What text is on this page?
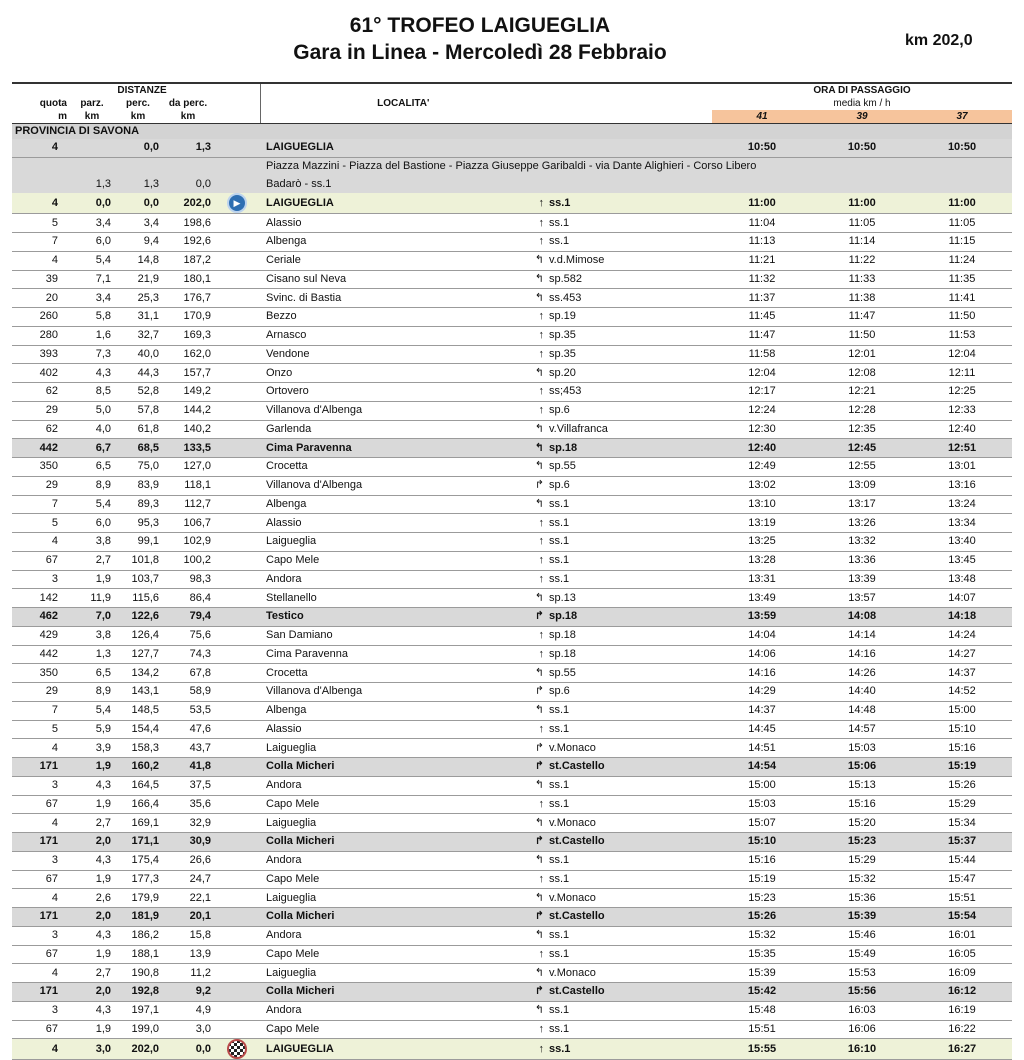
61° TROFEO LAIGUEGLIA
Gara in Linea - Mercoledì 28 Febbraio
km 202,0
	DISTANZE							ORA DI PASSAGGIO		
quota	parz.	perc.	da perc.		LOCALITA'			media km / h		
m	km	km	km					41	39	37
PROVINCIA DI SAVONA										
4		0,0	1,3		LAIGUEGLIA			10:50	10:50	10:50
					Piazza Mazzini - Piazza del Bastione - Piazza Giuseppe Garibaldi - via Dante Alighieri - Corso Libero					
	1,3	1,3	0,0		Badarò - ss.1					
4	0,0	0,0	202,0	▶	LAIGUEGLIA	↑	ss.1	11:00	11:00	11:00
5	3,4	3,4	198,6		Alassio	↑	ss.1	11:04	11:05	11:05
7	6,0	9,4	192,6		Albenga	↑	ss.1	11:13	11:14	11:15
4	5,4	14,8	187,2		Ceriale	↰	v.d.Mimose	11:21	11:22	11:24
39	7,1	21,9	180,1		Cisano sul Neva	↰	sp.582	11:32	11:33	11:35
20	3,4	25,3	176,7		Svinc. di Bastia	↰	ss.453	11:37	11:38	11:41
260	5,8	31,1	170,9		Bezzo	↑	sp.19	11:45	11:47	11:50
280	1,6	32,7	169,3		Arnasco	↑	sp.35	11:47	11:50	11:53
393	7,3	40,0	162,0		Vendone	↑	sp.35	11:58	12:01	12:04
402	4,3	44,3	157,7		Onzo	↰	sp.20	12:04	12:08	12:11
62	8,5	52,8	149,2		Ortovero	↑	ss;453	12:17	12:21	12:25
29	5,0	57,8	144,2		Villanova d'Albenga	↑	sp.6	12:24	12:28	12:33
62	4,0	61,8	140,2		Garlenda	↰	v.Villafranca	12:30	12:35	12:40
442	6,7	68,5	133,5		Cima Paravenna	↰	sp.18	12:40	12:45	12:51
350	6,5	75,0	127,0		Crocetta	↰	sp.55	12:49	12:55	13:01
29	8,9	83,9	118,1		Villanova d'Albenga	↱	sp.6	13:02	13:09	13:16
7	5,4	89,3	112,7		Albenga	↰	ss.1	13:10	13:17	13:24
5	6,0	95,3	106,7		Alassio	↑	ss.1	13:19	13:26	13:34
4	3,8	99,1	102,9		Laigueglia	↑	ss.1	13:25	13:32	13:40
67	2,7	101,8	100,2		Capo Mele	↑	ss.1	13:28	13:36	13:45
3	1,9	103,7	98,3		Andora	↑	ss.1	13:31	13:39	13:48
142	11,9	115,6	86,4		Stellanello	↰	sp.13	13:49	13:57	14:07
462	7,0	122,6	79,4		Testico	↱	sp.18	13:59	14:08	14:18
429	3,8	126,4	75,6		San Damiano	↑	sp.18	14:04	14:14	14:24
442	1,3	127,7	74,3		Cima Paravenna	↑	sp.18	14:06	14:16	14:27
350	6,5	134,2	67,8		Crocetta	↰	sp.55	14:16	14:26	14:37
29	8,9	143,1	58,9		Villanova d'Albenga	↱	sp.6	14:29	14:40	14:52
7	5,4	148,5	53,5		Albenga	↰	ss.1	14:37	14:48	15:00
5	5,9	154,4	47,6		Alassio	↑	ss.1	14:45	14:57	15:10
4	3,9	158,3	43,7		Laigueglia	↱	v.Monaco	14:51	15:03	15:16
171	1,9	160,2	41,8		Colla Micheri	↱	st.Castello	14:54	15:06	15:19
3	4,3	164,5	37,5		Andora	↰	ss.1	15:00	15:13	15:26
67	1,9	166,4	35,6		Capo Mele	↑	ss.1	15:03	15:16	15:29
4	2,7	169,1	32,9		Laigueglia	↰	v.Monaco	15:07	15:20	15:34
171	2,0	171,1	30,9		Colla Micheri	↱	st.Castello	15:10	15:23	15:37
3	4,3	175,4	26,6		Andora	↰	ss.1	15:16	15:29	15:44
67	1,9	177,3	24,7		Capo Mele	↑	ss.1	15:19	15:32	15:47
4	2,6	179,9	22,1		Laigueglia	↰	v.Monaco	15:23	15:36	15:51
171	2,0	181,9	20,1		Colla Micheri	↱	st.Castello	15:26	15:39	15:54
3	4,3	186,2	15,8		Andora	↰	ss.1	15:32	15:46	16:01
67	1,9	188,1	13,9		Capo Mele	↑	ss.1	15:35	15:49	16:05
4	2,7	190,8	11,2		Laigueglia	↰	v.Monaco	15:39	15:53	16:09
171	2,0	192,8	9,2		Colla Micheri	↱	st.Castello	15:42	15:56	16:12
3	4,3	197,1	4,9		Andora	↰	ss.1	15:48	16:03	16:19
67	1,9	199,0	3,0		Capo Mele	↑	ss.1	15:51	16:06	16:22
4	3,0	202,0	0,0		LAIGUEGLIA	↑	ss.1	15:55	16:10	16:27
